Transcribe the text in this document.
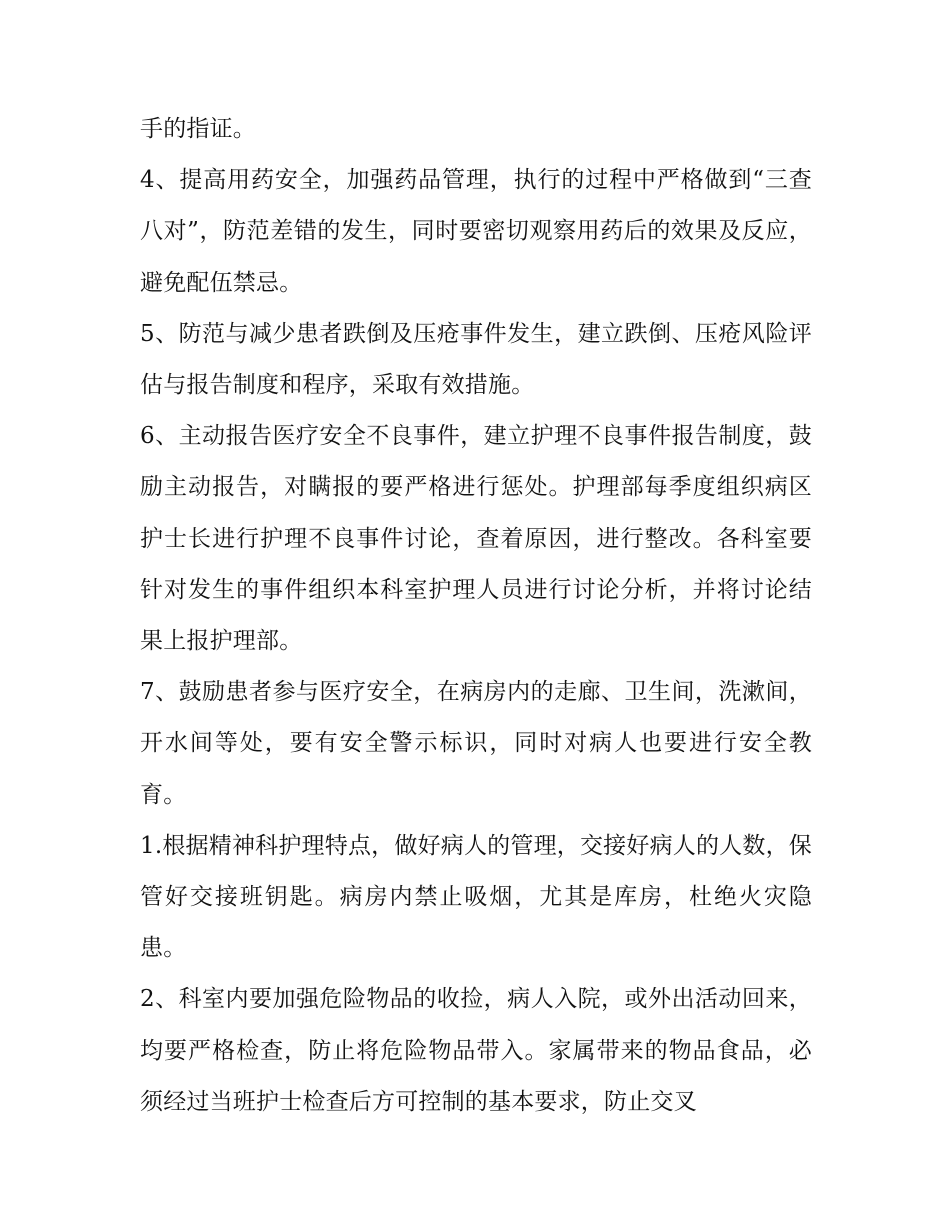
手的指证。

4、提高用药安全，加强药品管理，执行的过程中严格做到“三查八对”，防范差错的发生，同时要密切观察用药后的效果及反应，避免配伍禁忌。

5、防范与减少患者跌倒及压疮事件发生，建立跌倒、压疮风险评估与报告制度和程序，采取有效措施。

6、主动报告医疗安全不良事件，建立护理不良事件报告制度，鼓励主动报告，对瞒报的要严格进行惩处。护理部每季度组织病区护士长进行护理不良事件讨论，查着原因，进行整改。各科室要针对发生的事件组织本科室护理人员进行讨论分析，并将讨论结果上报护理部。

7、鼓励患者参与医疗安全，在病房内的走廊、卫生间，洗漱间，开水间等处，要有安全警示标识，同时对病人也要进行安全教育。

1.根据精神科护理特点，做好病人的管理，交接好病人的人数，保管好交接班钥匙。病房内禁止吸烟，尤其是库房，杜绝火灾隐患。

2、科室内要加强危险物品的收捡，病人入院，或外出活动回来，均要严格检查，防止将危险物品带入。家属带来的物品食品，必须经过当班护士检查后方可控制的基本要求，防止交叉
